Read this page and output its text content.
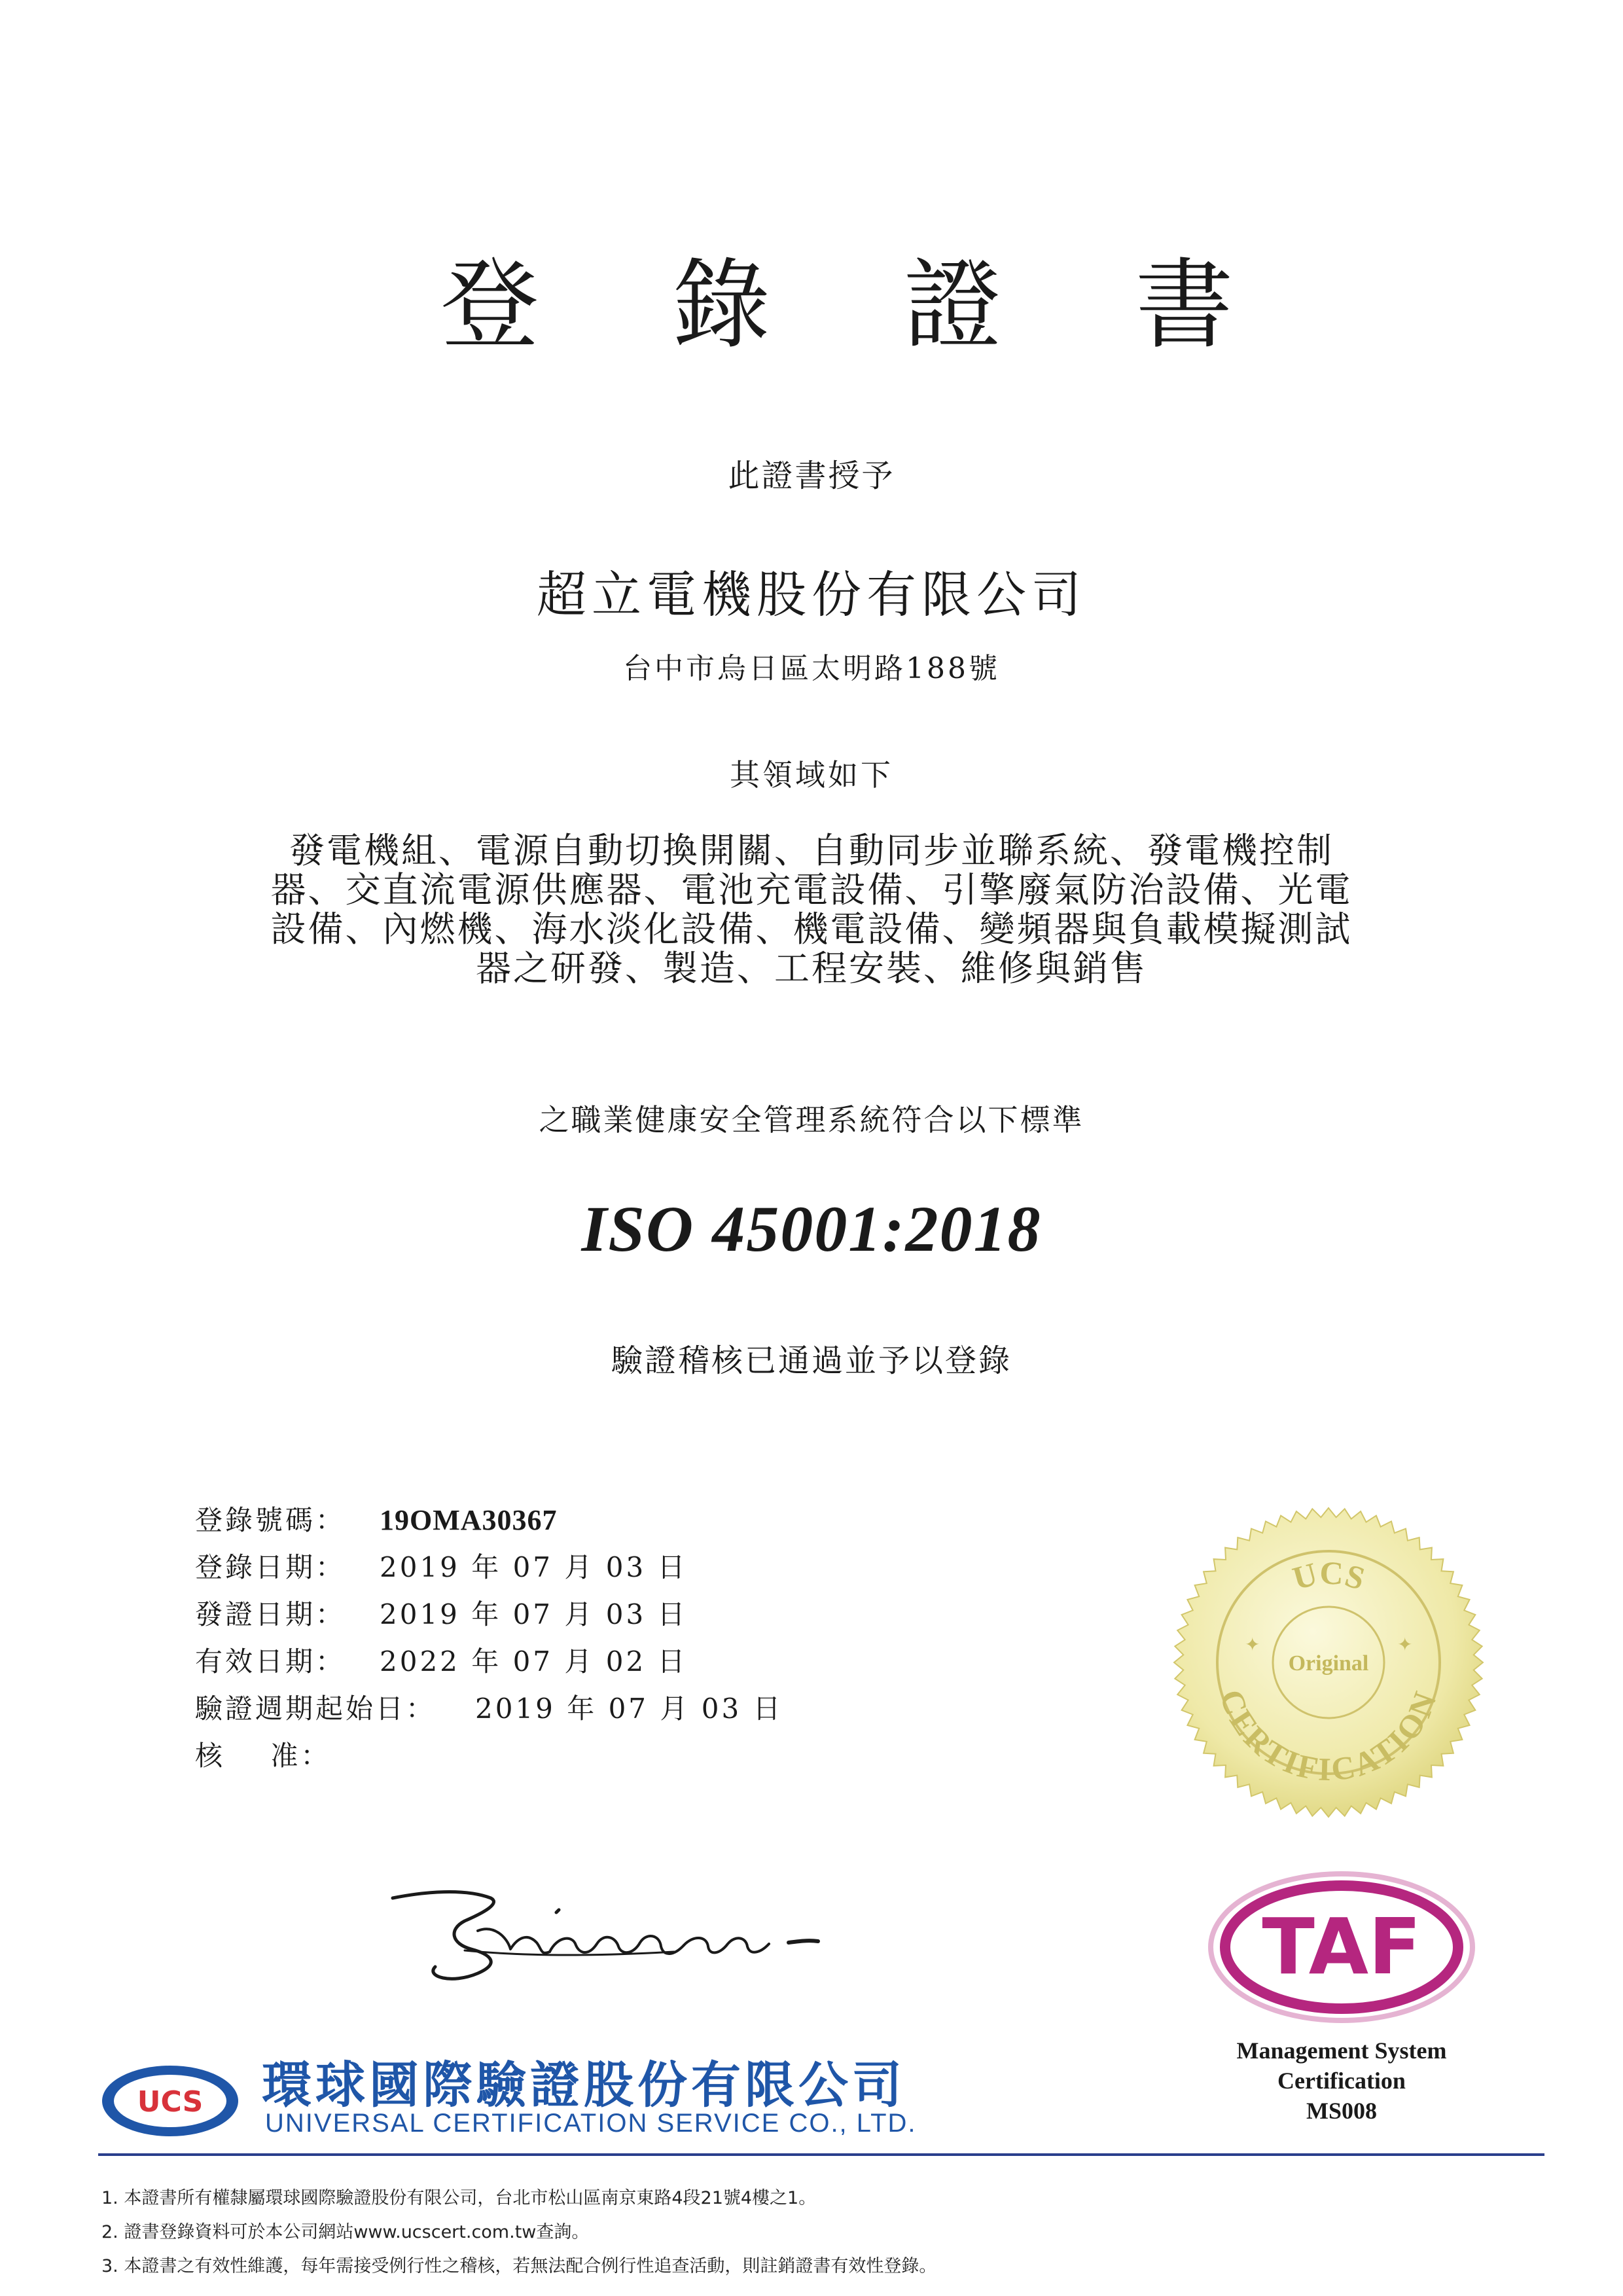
登 錄 證 書
此證書授予
超立電機股份有限公司
台中市烏日區太明路188號
其領域如下
發電機組、電源自動切換開關、自動同步並聯系統、發電機控制
器、交直流電源供應器、電池充電設備、引擎廢氣防治設備、光電
設備、內燃機、海水淡化設備、機電設備、變頻器與負載模擬測試
器之研發、製造、工程安裝、維修與銷售
之職業健康安全管理系統符合以下標準
ISO 45001:2018
驗證稽核已通過並予以登錄
登錄號碼： 19OMA30367
登錄日期： 2019 年 07 月 03 日
發證日期： 2019 年 07 月 03 日
有效日期： 2022 年 07 月 02 日
驗證週期起始日： 2019 年 07 月 03 日
核    准：
UCS
Original
CERTIFICATION
✦	✦
TAF
Management System
Certification
MS008
UCS 環球國際驗證股份有限公司
UNIVERSAL CERTIFICATION SERVICE CO., LTD.
1. 本證書所有權隸屬環球國際驗證股份有限公司，台北市松山區南京東路4段21號4樓之1。
2. 證書登錄資料可於本公司網站www.ucscert.com.tw查詢。
3. 本證書之有效性維護，每年需接受例行性之稽核，若無法配合例行性追查活動，則註銷證書有效性登錄。
